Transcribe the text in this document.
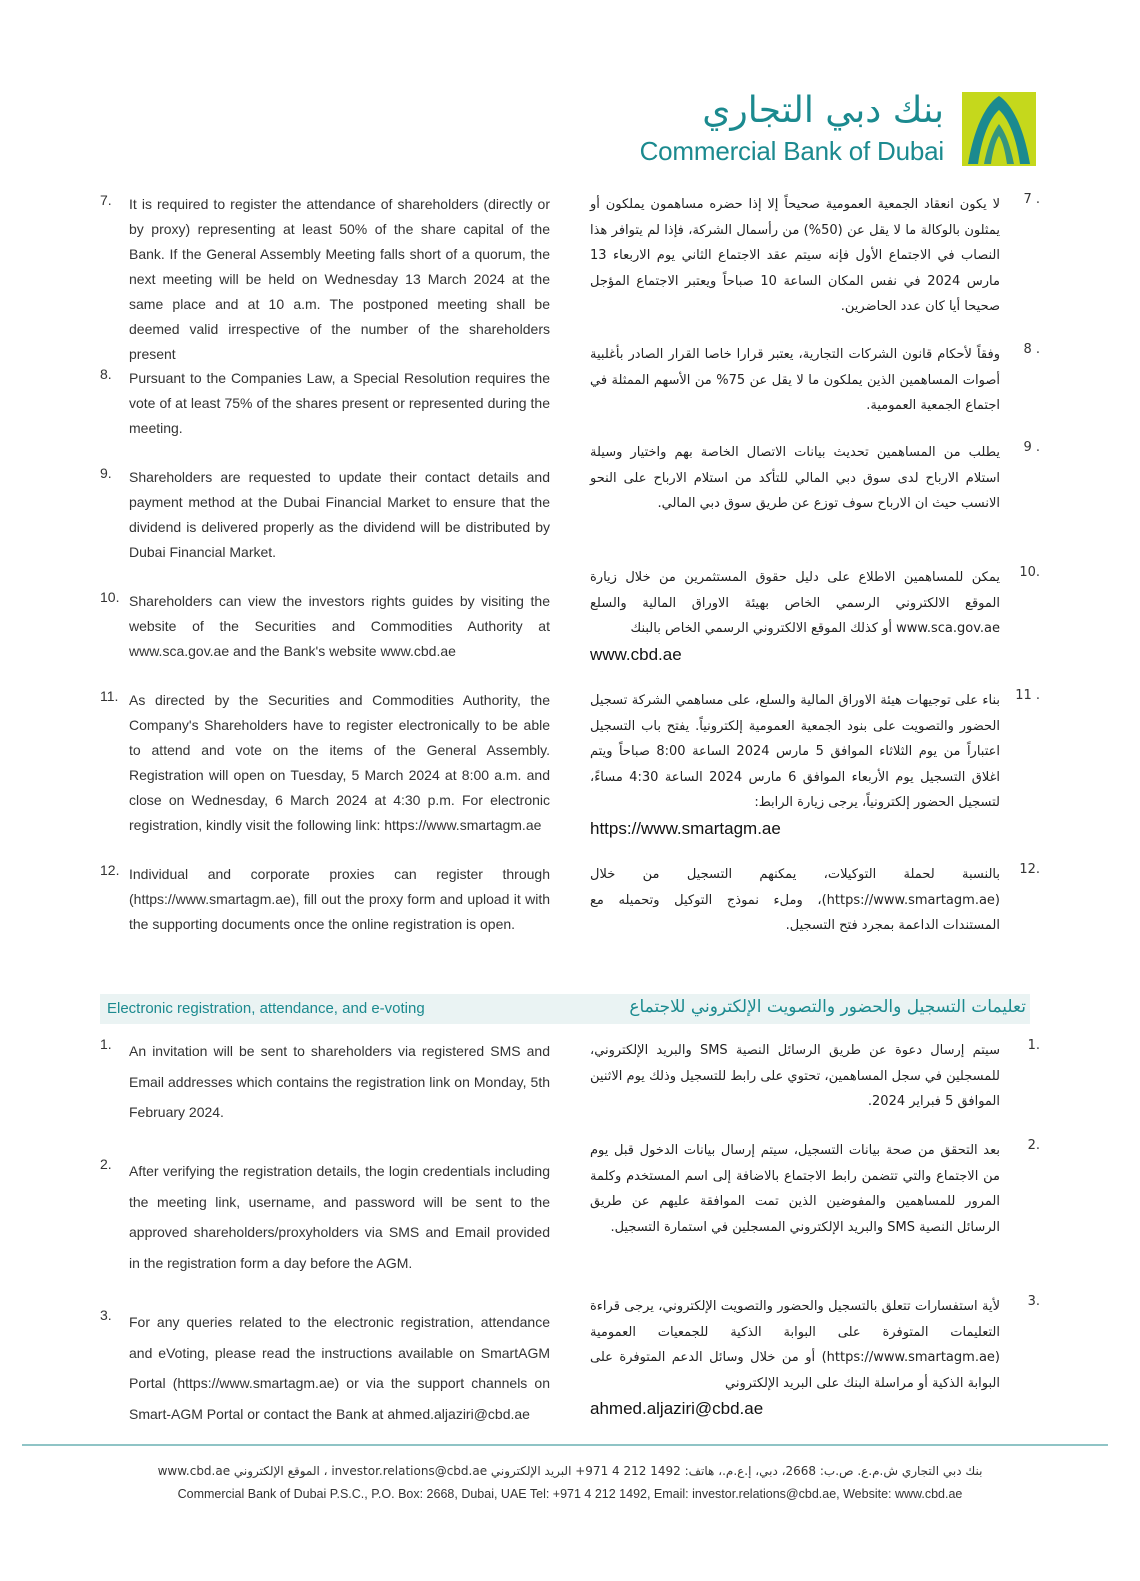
بنك دبي التجاري
Commercial Bank of Dubai
7. It is required to register the attendance of shareholders (directly or by proxy) representing at least 50% of the share capital of the Bank. If the General Assembly Meeting falls short of a quorum, the next meeting will be held on Wednesday 13 March 2024 at the same place and at 10 a.m. The postponed meeting shall be deemed valid irrespective of the number of the shareholders present
8. Pursuant to the Companies Law, a Special Resolution requires the vote of at least 75% of the shares present or represented during the meeting.
9. Shareholders are requested to update their contact details and payment method at the Dubai Financial Market to ensure that the dividend is delivered properly as the dividend will be distributed by Dubai Financial Market.
10. Shareholders can view the investors rights guides by visiting the website of the Securities and Commodities Authority at www.sca.gov.ae and the Bank's website www.cbd.ae
11. As directed by the Securities and Commodities Authority, the Company's Shareholders have to register electronically to be able to attend and vote on the items of the General Assembly. Registration will open on Tuesday, 5 March 2024 at 8:00 a.m. and close on Wednesday, 6 March 2024 at 4:30 p.m. For electronic registration, kindly visit the following link: https://www.smartagm.ae
12. Individual and corporate proxies can register through (https://www.smartagm.ae), fill out the proxy form and upload it with the supporting documents once the online registration is open.
7 .
لا يكون انعقاد الجمعية العمومية صحيحاً إلا إذا حضره مساهمون يملكون أو يمثلون بالوكالة ما لا يقل عن (50%) من رأسمال الشركة، فإذا لم يتوافر هذا النصاب في الاجتماع الأول فإنه سيتم عقد الاجتماع الثاني يوم الاربعاء 13 مارس 2024 في نفس المكان الساعة 10 صباحاً ويعتبر الاجتماع المؤجل صحيحا أيا كان عدد الحاضرين.
8 .
وفقاً لأحكام قانون الشركات التجارية، يعتبر قرارا خاصا القرار الصادر بأغلبية أصوات المساهمين الذين يملكون ما لا يقل عن 75% من الأسهم الممثلة في اجتماع الجمعية العمومية.
9 .
يطلب من المساهمين تحديث بيانات الاتصال الخاصة بهم واختيار وسيلة استلام الارباح لدى سوق دبي المالي للتأكد من استلام الارباح على النحو الانسب حيث ان الارباح سوف توزع عن طريق سوق دبي المالي.
10.
يمكن للمساهمين الاطلاع على دليل حقوق المستثمرين من خلال زيارة الموقع الالكتروني الرسمي الخاص بهيئة الاوراق المالية والسلع www.sca.gov.ae أو كذلك الموقع الالكتروني الرسمي الخاص بالبنك
www.cbd.ae
11 .
بناء على توجيهات هيئة الاوراق المالية والسلع، على مساهمي الشركة تسجيل الحضور والتصويت على بنود الجمعية العمومية إلكترونياً. يفتح باب التسجيل اعتباراً من يوم الثلاثاء الموافق 5 مارس 2024 الساعة 8:00 صباحاً ويتم اغلاق التسجيل يوم الأربعاء الموافق 6 مارس 2024 الساعة 4:30 مساءً، لتسجيل الحضور إلكترونياً، يرجى زيارة الرابط:
https://www.smartagm.ae
12.
بالنسبة لحملة التوكيلات، يمكنهم التسجيل من خلال (https://www.smartagm.ae)، وملء نموذج التوكيل وتحميله مع المستندات الداعمة بمجرد فتح التسجيل.
Electronic registration, attendance, and e-voting	تعليمات التسجيل والحضور والتصويت الإلكتروني للاجتماع
1. An invitation will be sent to shareholders via registered SMS and Email addresses which contains the registration link on Monday, 5th February 2024.
2. After verifying the registration details, the login credentials including the meeting link, username, and password will be sent to the approved shareholders/proxyholders via SMS and Email provided in the registration form a day before the AGM.
3. For any queries related to the electronic registration, attendance and eVoting, please read the instructions available on SmartAGM Portal (https://www.smartagm.ae) or via the support channels on Smart-AGM Portal or contact the Bank at ahmed.aljaziri@cbd.ae
1.
سيتم إرسال دعوة عن طريق الرسائل النصية SMS والبريد الإلكتروني، للمسجلين في سجل المساهمين، تحتوي على رابط للتسجيل وذلك يوم الاثنين الموافق 5 فبراير 2024.
2.
بعد التحقق من صحة بيانات التسجيل، سيتم إرسال بيانات الدخول قبل يوم من الاجتماع والتي تتضمن رابط الاجتماع بالاضافة إلى اسم المستخدم وكلمة المرور للمساهمين والمفوضين الذين تمت الموافقة عليهم عن طريق الرسائل النصية SMS والبريد الإلكتروني المسجلين في استمارة التسجيل.
3.
لأية استفسارات تتعلق بالتسجيل والحضور والتصويت الإلكتروني، يرجى قراءة التعليمات المتوفرة على البوابة الذكية للجمعيات العمومية (https://www.smartagm.ae) أو من خلال وسائل الدعم المتوفرة على البوابة الذكية أو مراسلة البنك على البريد الإلكتروني
ahmed.aljaziri@cbd.ae
بنك دبي التجاري ش.م.ع. ص.ب: 2668، دبي، إ.ع.م.، هاتف: 1492 212 4 971+ البريد الإلكتروني investor.relations@cbd.ae ، الموقع الإلكتروني www.cbd.ae
Commercial Bank of Dubai P.S.C., P.O. Box: 2668, Dubai, UAE Tel: +971 4 212 1492, Email: investor.relations@cbd.ae, Website: www.cbd.ae
